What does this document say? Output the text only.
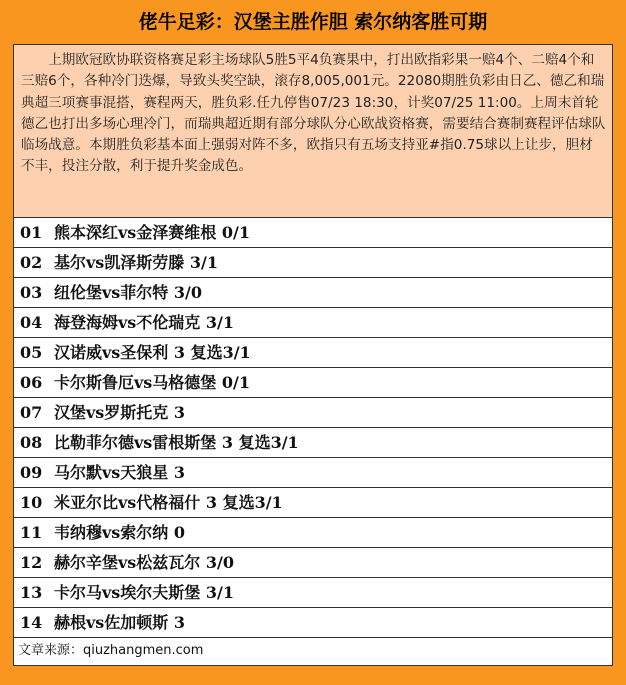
佬牛足彩：汉堡主胜作胆 索尔纳客胜可期
上期欧冠欧协联资格赛足彩主场球队5胜5平4负赛果中，打出欧指彩果一赔4个、二赔4个和三赔6个，各种冷门迭爆，导致头奖空缺，滚存8,005,001元。22080期胜负彩由日乙、德乙和瑞典超三项赛事混搭，赛程两天，胜负彩.任九停售07/23 18:30，计奖07/25 11:00。上周末首轮德乙也打出多场心理冷门，而瑞典超近期有部分球队分心欧战资格赛，需要结合赛制赛程评估球队临场战意。本期胜负彩基本面上强弱对阵不多，欧指只有五场支持亚#指0.75球以上让步，胆材不丰，投注分散，利于提升奖金成色。
01 熊本深红vs金泽赛维根 0/1
02 基尔vs凯泽斯劳滕 3/1
03 纽伦堡vs菲尔特 3/0
04 海登海姆vs不伦瑞克 3/1
05 汉诺威vs圣保利 3 复选3/1
06 卡尔斯鲁厄vs马格德堡 0/1
07 汉堡vs罗斯托克 3
08 比勒菲尔德vs雷根斯堡 3 复选3/1
09 马尔默vs天狼星 3
10 米亚尔比vs代格福什 3 复选3/1
11 韦纳穆vs索尔纳 0
12 赫尔辛堡vs松兹瓦尔 3/0
13 卡尔马vs埃尔夫斯堡 3/1
14 赫根vs佐加顿斯 3
文章来源：qiuzhangmen.com
